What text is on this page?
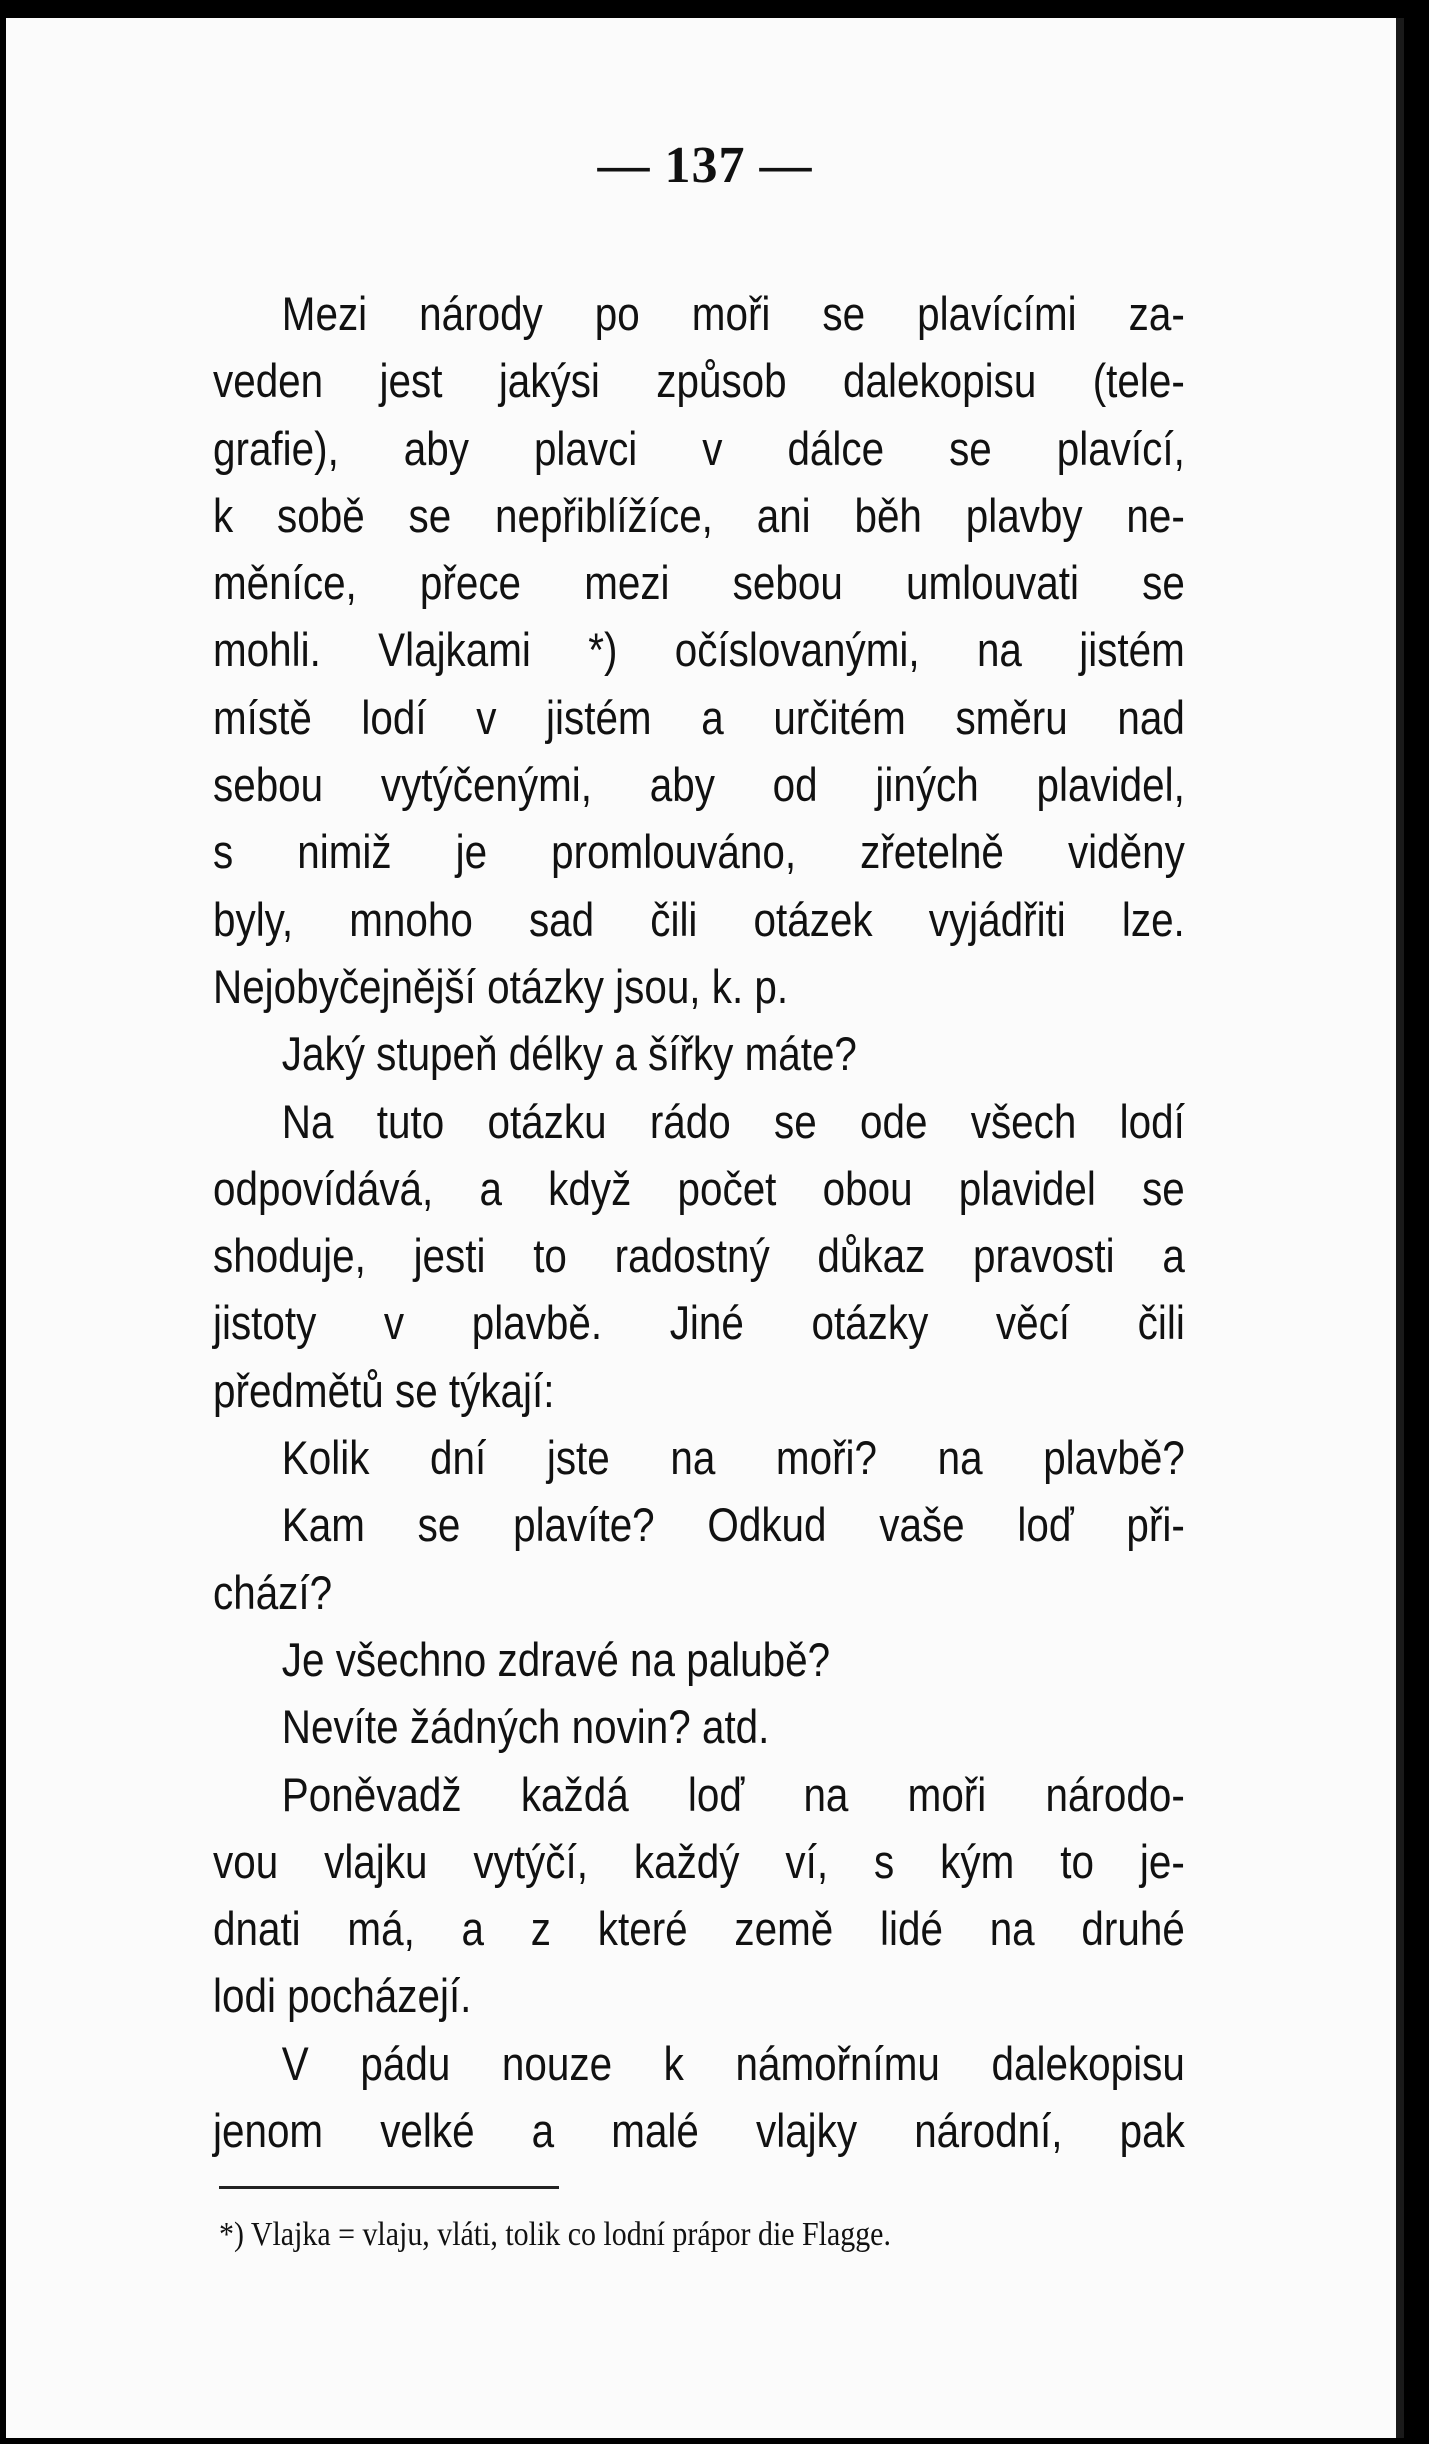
— 137 —
Mezi národy po moři se plavícími za-
veden jest jakýsi způsob dalekopisu (tele-
grafie), aby plavci v dálce se plavící,
k sobě se nepřiblížíce, ani běh plavby ne-
měníce, přece mezi sebou umlouvati se
mohli. Vlajkami *) očíslovanými, na jistém
místě lodí v jistém a určitém směru nad
sebou vytýčenými, aby od jiných plavidel,
s nimiž je promlouváno, zřetelně viděny
byly, mnoho sad čili otázek vyjádřiti lze.
Nejobyčejnější otázky jsou, k. p.
Jaký stupeň délky a šířky máte?
Na tuto otázku rádo se ode všech lodí
odpovídává, a když počet obou plavidel se
shoduje, jesti to radostný důkaz pravosti a
jistoty v plavbě. Jiné otázky věcí čili
předmětů se týkají:
Kolik dní jste na moři? na plavbě?
Kam se plavíte? Odkud vaše loď při-
chází?
Je všechno zdravé na palubě?
Nevíte žádných novin? atd.
Poněvadž každá loď na moři národo-
vou vlajku vytýčí, každý ví, s kým to je-
dnati má, a z které země lidé na druhé
lodi pocházejí.
V pádu nouze k námořnímu dalekopisu
jenom velké a malé vlajky národní, pak
*) Vlajka = vlaju, vláti, tolik co lodní prápor die Flagge.
